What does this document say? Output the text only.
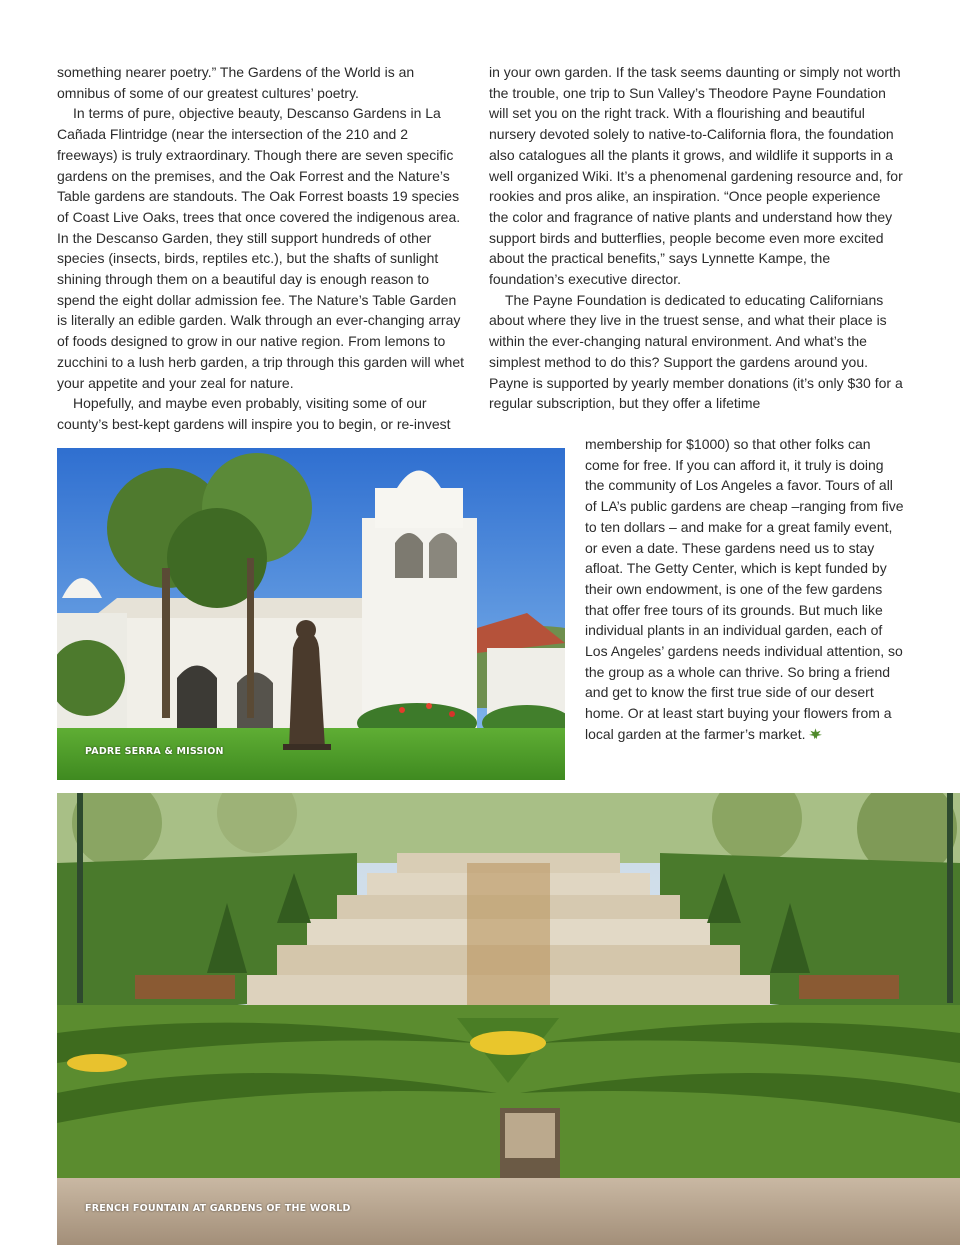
something nearer poetry.” The Gardens of the World is an omnibus of some of our greatest cultures’ poetry.

In terms of pure, objective beauty, Descanso Gardens in La Cañada Flintridge (near the intersection of the 210 and 2 freeways) is truly extraordinary. Though there are seven specific gardens on the premises, and the Oak Forrest and the Nature’s Table gardens are standouts. The Oak Forrest boasts 19 species of Coast Live Oaks, trees that once covered the indigenous area. In the Descanso Garden, they still support hundreds of other species (insects, birds, reptiles etc.), but the shafts of sunlight shining through them on a beautiful day is enough reason to spend the eight dollar admission fee. The Nature’s Table Garden is literally an edible garden. Walk through an ever-changing array of foods designed to grow in our native region. From lemons to zucchini to a lush herb garden, a trip through this garden will whet your appetite and your zeal for nature.

Hopefully, and maybe even probably, visiting some of our county’s best-kept gardens will inspire you to begin, or re-invest

in your own garden. If the task seems daunting or simply not worth the trouble, one trip to Sun Valley’s Theodore Payne Foundation will set you on the right track. With a flourishing and beautiful nursery devoted solely to native-to-California flora, the foundation also catalogues all the plants it grows, and wildlife it supports in a well organized Wiki. It’s a phenomenal gardening resource and, for rookies and pros alike, an inspiration. “Once people experience the color and fragrance of native plants and understand how they support birds and butterflies, people become even more excited about the practical benefits,” says Lynnette Kampe, the foundation’s executive director.

The Payne Foundation is dedicated to educating Californians about where they live in the truest sense, and what their place is within the ever-changing natural environment. And what’s the simplest method to do this? Support the gardens around you. Payne is supported by yearly member donations (it’s only $30 for a regular subscription, but they offer a lifetime

membership for $1000) so that other folks can come for free. If you can afford it, it truly is doing the community of Los Angeles a favor. Tours of all of LA’s public gardens are cheap –ranging from five to ten dollars – and make for a great family event, or even a date. These gardens need us to stay afloat. The Getty Center, which is kept funded by their own endowment, is one of the few gardens that offer free tours of its grounds. But much like individual plants in an individual garden, each of Los Angeles’ gardens needs individual attention, so the group as a whole can thrive. So bring a friend and get to know the first true side of our desert home. Or at least start buying your flowers from a local garden at the farmer’s market.

PADRE SERRA & MISSION
FRENCH FOUNTAIN AT GARDENS OF THE WORLD
